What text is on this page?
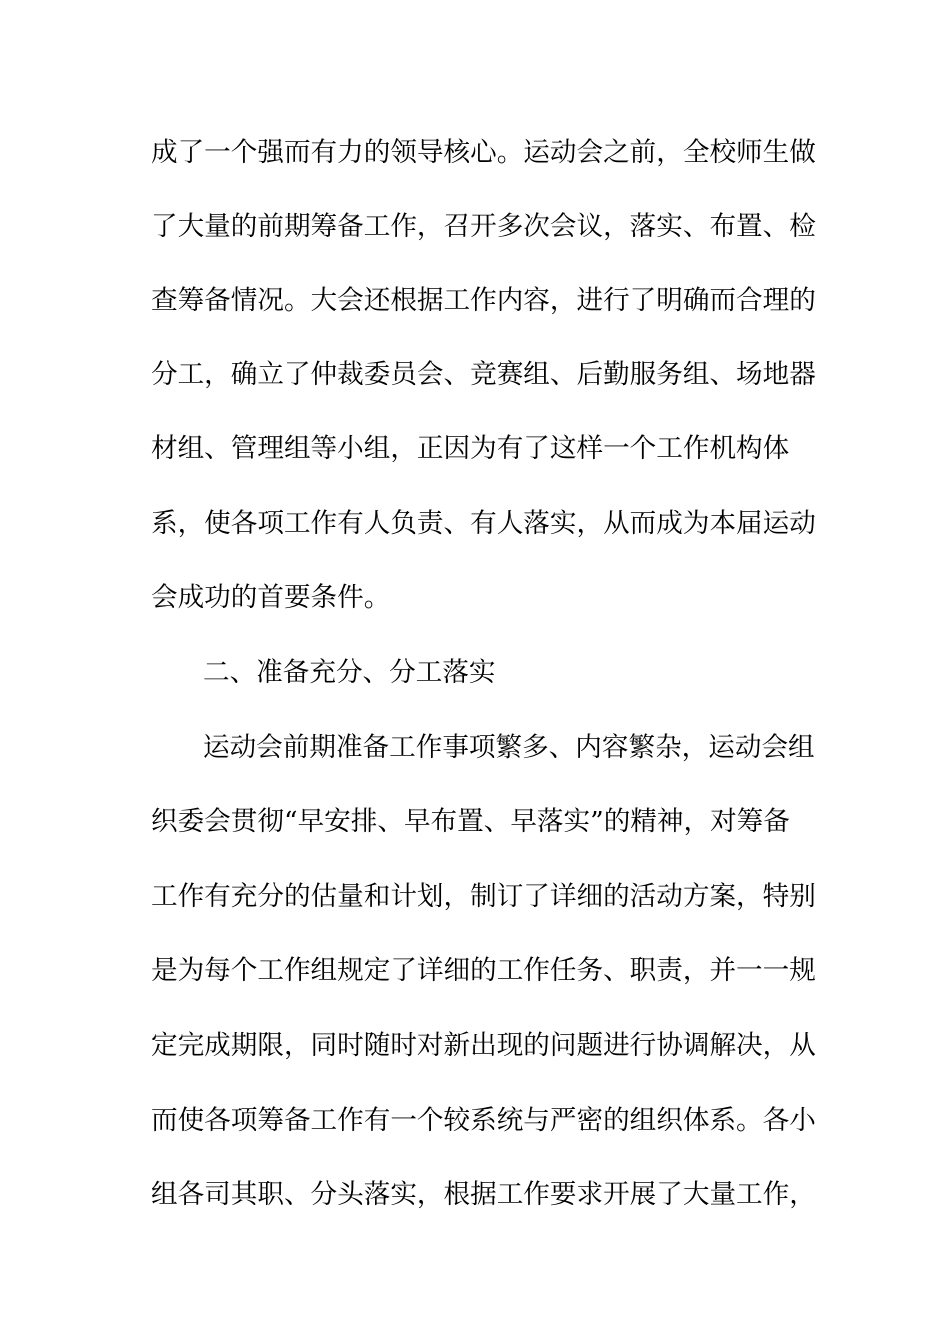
成了一个强而有力的领导核心。运动会之前，全校师生做
了大量的前期筹备工作，召开多次会议，落实、布置、检
查筹备情况。大会还根据工作内容，进行了明确而合理的
分工，确立了仲裁委员会、竞赛组、后勤服务组、场地器
材组、管理组等小组，正因为有了这样一个工作机构体
系，使各项工作有人负责、有人落实，从而成为本届运动
会成功的首要条件。
二、准备充分、分工落实
运动会前期准备工作事项繁多、内容繁杂，运动会组
织委会贯彻“早安排、早布置、早落实”的精神，对筹备
工作有充分的估量和计划，制订了详细的活动方案，特别
是为每个工作组规定了详细的工作任务、职责，并一一规
定完成期限，同时随时对新出现的问题进行协调解决，从
而使各项筹备工作有一个较系统与严密的组织体系。各小
组各司其职、分头落实，根据工作要求开展了大量工作，
